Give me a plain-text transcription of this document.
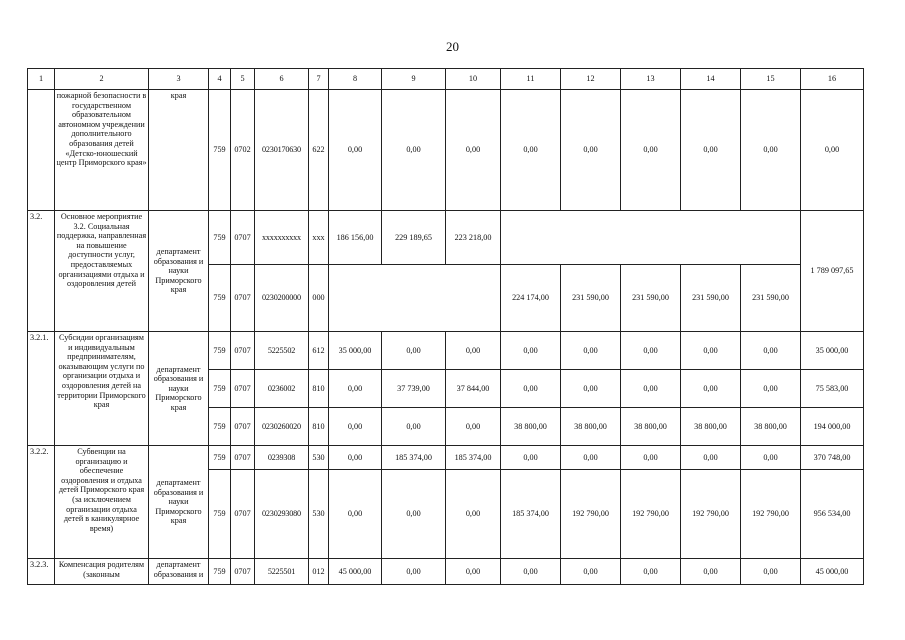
20
1	2	3	4	5	6	7	8	9	10	11	12	13	14	15	16
	пожарной безопасности в государственном образовательном автономном учреждении дополнительного образования детей «Детско-юношеский центр Приморского края»	края	759	0702	0230170630	622	0,00	0,00	0,00	0,00	0,00	0,00	0,00	0,00	0,00
3.2.	Основное мероприятие 3.2. Социальная поддержка, направленная на повышение доступности услуг, предоставляемых организациями отдыха и оздоровления детей	департамент образования и науки Приморского края	759	0707	хххххххххх	ххх	186 156,00	229 189,65	223 218,00						1 789 097,65
			759	0707	0230200000	000				224 174,00	231 590,00	231 590,00	231 590,00	231 590,00	
3.2.1.	Субсидии организациям и индивидуальным предпринимателям, оказывающим услуги по организации отдыха и оздоровления детей на территории Приморского края	департамент образования и науки Приморского края	759	0707	5225502	612	35 000,00	0,00	0,00	0,00	0,00	0,00	0,00	0,00	35 000,00
			759	0707	0236002	810	0,00	37 739,00	37 844,00	0,00	0,00	0,00	0,00	0,00	75 583,00
			759	0707	0230260020	810	0,00	0,00	0,00	38 800,00	38 800,00	38 800,00	38 800,00	38 800,00	194 000,00
3.2.2.	Субвенции на организацию и обеспечение оздоровления и отдыха детей Приморского края (за исключением организации отдыха детей в каникулярное время)	департамент образования и науки Приморского края	759	0707	0239308	530	0,00	185 374,00	185 374,00	0,00	0,00	0,00	0,00	0,00	370 748,00
			759	0707	0230293080	530	0,00	0,00	0,00	185 374,00	192 790,00	192 790,00	192 790,00	192 790,00	956 534,00
3.2.3.	Компенсация родителям (законным	департамент образования и	759	0707	5225501	012	45 000,00	0,00	0,00	0,00	0,00	0,00	0,00	0,00	45 000,00
